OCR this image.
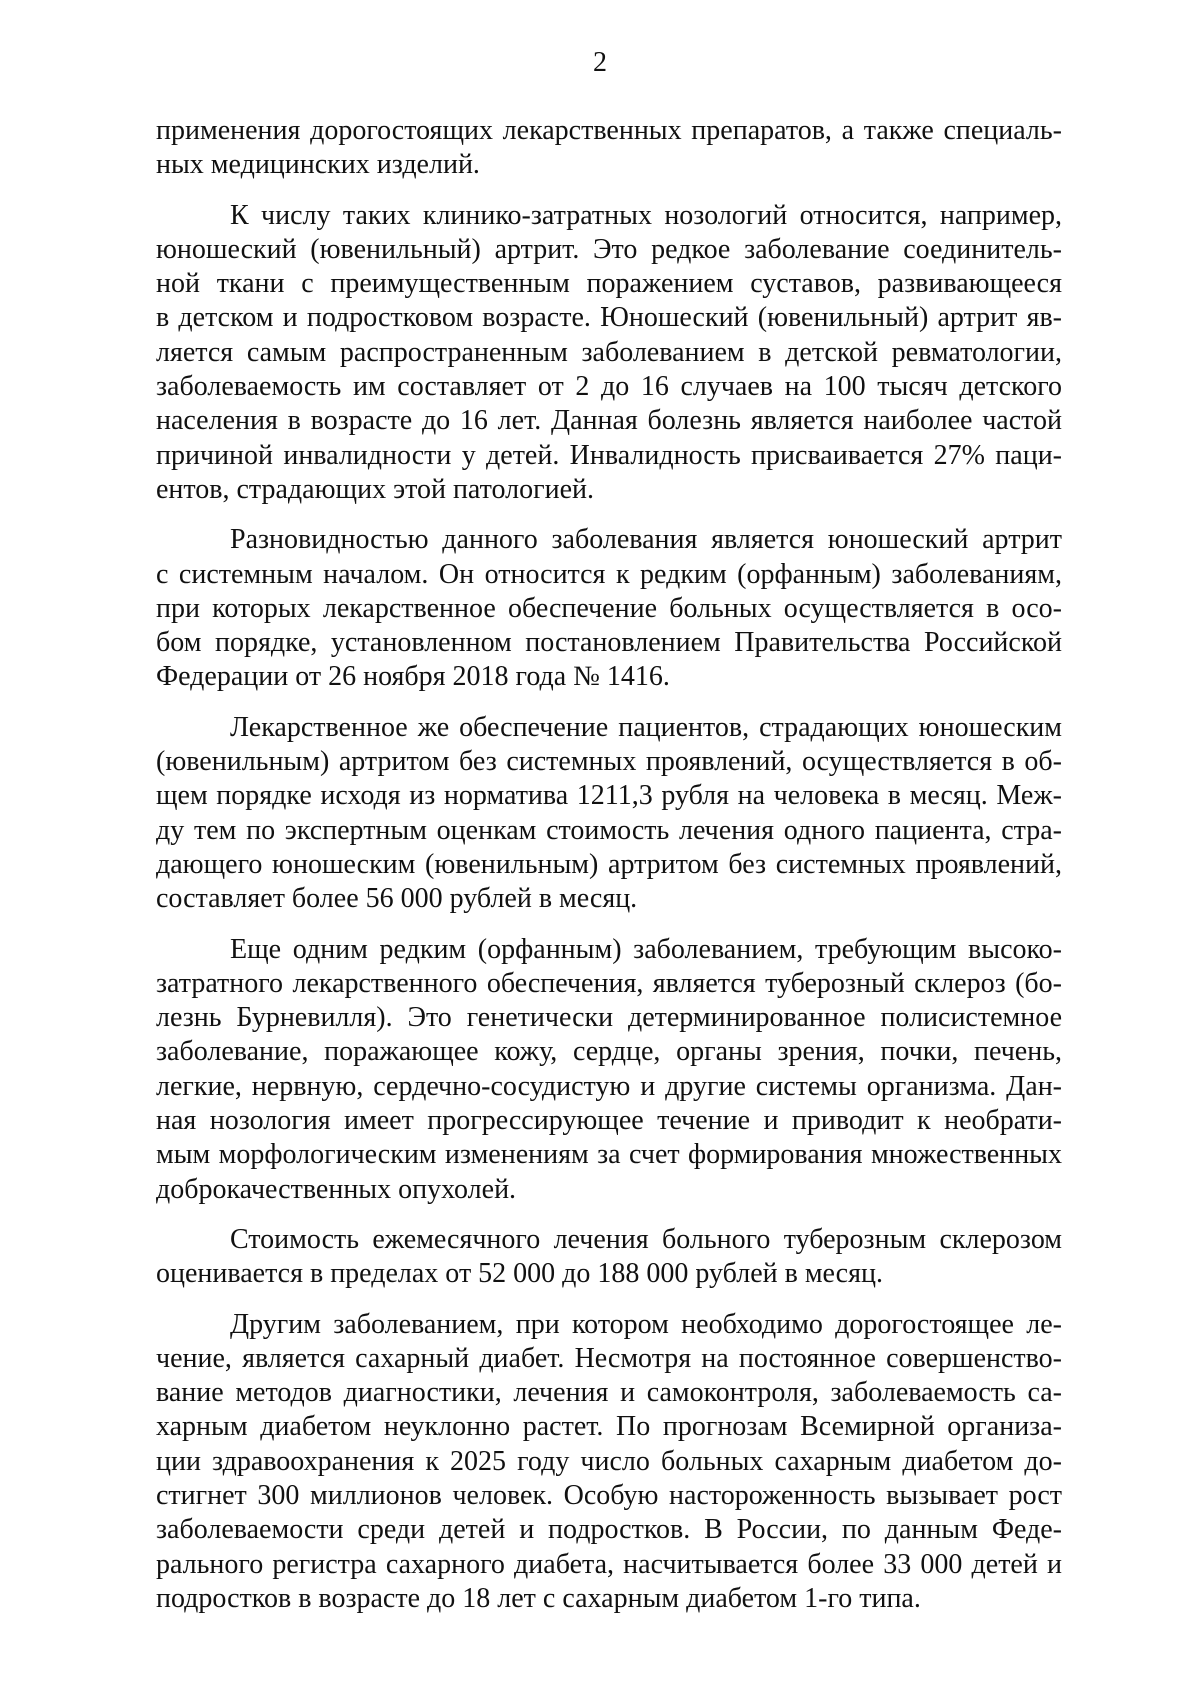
2

применения дорогостоящих лекарственных препаратов, а также специаль-
ных медицинских изделий.

К числу таких клинико-затратных нозологий относится, например,
юношеский (ювенильный) артрит. Это редкое заболевание соединитель-
ной ткани с преимущественным поражением суставов, развивающееся
в детском и подростковом возрасте. Юношеский (ювенильный) артрит яв-
ляется самым распространенным заболеванием в детской ревматологии,
заболеваемость им составляет от 2 до 16 случаев на 100 тысяч детского
населения в возрасте до 16 лет. Данная болезнь является наиболее частой
причиной инвалидности у детей. Инвалидность присваивается 27% паци-
ентов, страдающих этой патологией.

Разновидностью данного заболевания является юношеский артрит
с системным началом. Он относится к редким (орфанным) заболеваниям,
при которых лекарственное обеспечение больных осуществляется в осо-
бом порядке, установленном постановлением Правительства Российской
Федерации от 26 ноября 2018 года № 1416.

Лекарственное же обеспечение пациентов, страдающих юношеским
(ювенильным) артритом без системных проявлений, осуществляется в об-
щем порядке исходя из норматива 1211,3 рубля на человека в месяц. Меж-
ду тем по экспертным оценкам стоимость лечения одного пациента, стра-
дающего юношеским (ювенильным) артритом без системных проявлений,
составляет более 56 000 рублей в месяц.

Еще одним редким (орфанным) заболеванием, требующим высоко-
затратного лекарственного обеспечения, является туберозный склероз (бо-
лезнь Бурневилля). Это генетически детерминированное полисистемное
заболевание, поражающее кожу, сердце, органы зрения, почки, печень,
легкие, нервную, сердечно-сосудистую и другие системы организма. Дан-
ная нозология имеет прогрессирующее течение и приводит к необрати-
мым морфологическим изменениям за счет формирования множественных
доброкачественных опухолей.

Стоимость ежемесячного лечения больного туберозным склерозом
оценивается в пределах от 52 000 до 188 000 рублей в месяц.

Другим заболеванием, при котором необходимо дорогостоящее ле-
чение, является сахарный диабет. Несмотря на постоянное совершенство-
вание методов диагностики, лечения и самоконтроля, заболеваемость са-
харным диабетом неуклонно растет. По прогнозам Всемирной организа-
ции здравоохранения к 2025 году число больных сахарным диабетом до-
стигнет 300 миллионов человек. Особую настороженность вызывает рост
заболеваемости среди детей и подростков. В России, по данным Феде-
рального регистра сахарного диабета, насчитывается более 33 000 детей и
подростков в возрасте до 18 лет с сахарным диабетом 1-го типа.
